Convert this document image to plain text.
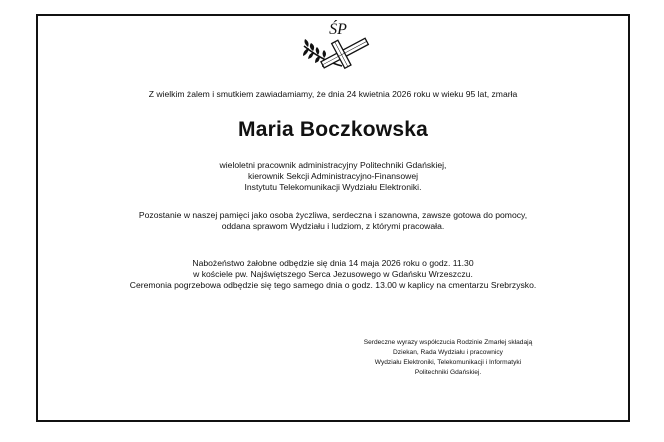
ŚP
Z wielkim żalem i smutkiem zawiadamiamy, że dnia 24 kwietnia 2026 roku w wieku 95 lat, zmarła
Maria Boczkowska
wieloletni pracownik administracyjny Politechniki Gdańskiej,
kierownik Sekcji Administracyjno-Finansowej
Instytutu Telekomunikacji Wydziału Elektroniki.
Pozostanie w naszej pamięci jako osoba życzliwa, serdeczna i szanowna, zawsze gotowa do pomocy,
oddana sprawom Wydziału i ludziom, z którymi pracowała.
Nabożeństwo żałobne odbędzie się dnia 14 maja 2026 roku o godz. 11.30
w kościele pw. Najświętszego Serca Jezusowego w Gdańsku Wrzeszczu.
Ceremonia pogrzebowa odbędzie się tego samego dnia o godz. 13.00 w kaplicy na cmentarzu Srebrzysko.
Serdeczne wyrazy współczucia Rodzinie Zmarłej składają
Dziekan, Rada Wydziału i pracownicy
Wydziału Elektroniki, Telekomunikacji i Informatyki
Politechniki Gdańskiej.
